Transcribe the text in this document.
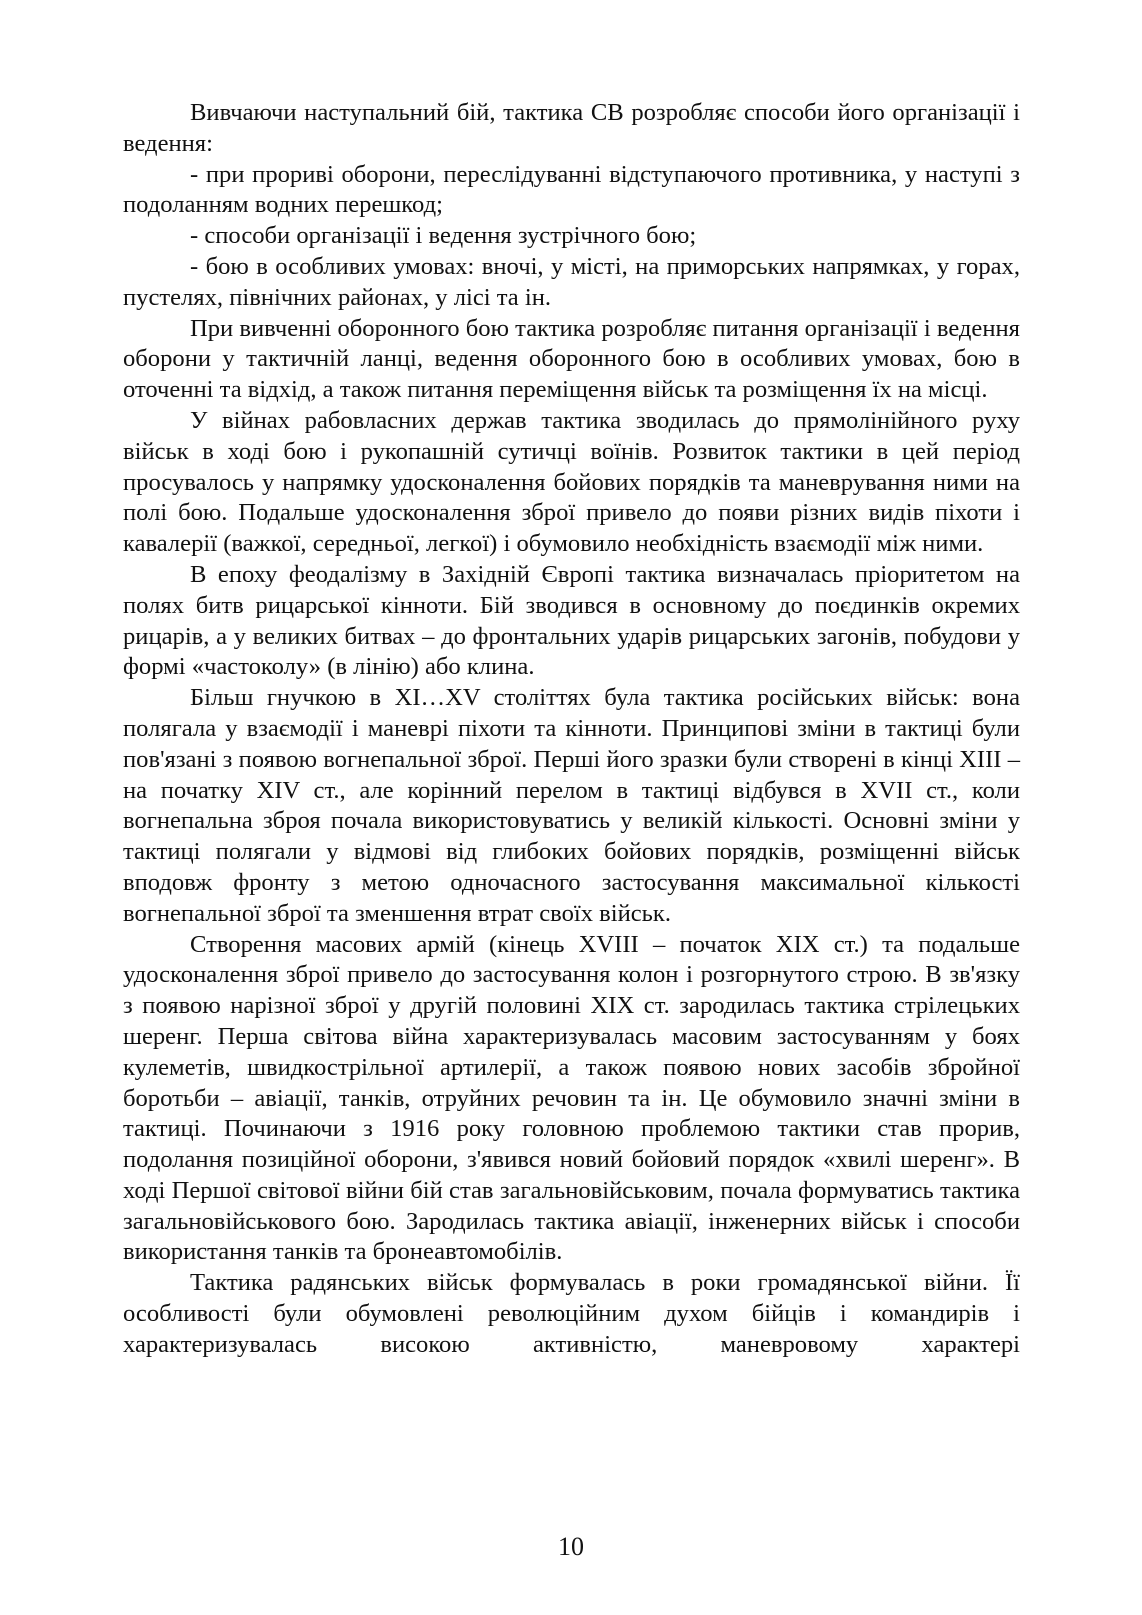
Вивчаючи наступальний бій, тактика СВ розробляє способи його організації і ведення:

- при прориві оборони, переслідуванні відступаючого противника, у наступі з подоланням водних перешкод;

- способи організації і ведення зустрічного бою;

- бою в особливих умовах: вночі, у місті, на приморських напрямках, у горах, пустелях, північних районах, у лісі та ін.

При вивченні оборонного бою тактика розробляє питання організації і ведення оборони у тактичній ланці, ведення оборонного бою в особливих умовах, бою в оточенні та відхід, а також питання переміщення військ та розміщення їх на місці.

У війнах рабовласних держав тактика зводилась до прямолінійного руху військ в ході бою і рукопашній сутичці воїнів. Розвиток тактики в цей період просувалось у напрямку удосконалення бойових порядків та маневрування ними на полі бою. Подальше удосконалення зброї привело до появи різних видів піхоти і кавалерії (важкої, середньої, легкої) і обумовило необхідність взаємодії між ними.

В епоху феодалізму в Західній Європі тактика визначалась пріоритетом на полях битв рицарської кінноти. Бій зводився в основному до поєдинків окремих рицарів, а у великих битвах – до фронтальних ударів рицарських загонів, побудови у формі «частоколу» (в лінію) або клина.

Більш гнучкою в XI…XV століттях була тактика російських військ: вона полягала у взаємодії і маневрі піхоти та кінноти. Принципові зміни в тактиці були пов'язані з появою вогнепальної зброї. Перші його зразки були створені в кінці XIII – на початку XIV ст., але корінний перелом в тактиці відбувся в XVII ст., коли вогнепальна зброя почала використовуватись у великій кількості. Основні зміни у тактиці полягали у відмові від глибоких бойових порядків, розміщенні військ вподовж фронту з метою одночасного застосування максимальної кількості вогнепальної зброї та зменшення втрат своїх військ.

Створення масових армій (кінець XVIII – початок XIX ст.) та подальше удосконалення зброї привело до застосування колон і розгорнутого строю. В зв'язку з появою нарізної зброї у другій половині XIX ст. зародилась тактика стрілецьких шеренг. Перша світова війна характеризувалась масовим застосуванням у боях кулеметів, швидкострільної артилерії, а також появою нових засобів збройної боротьби – авіації, танків, отруйних речовин та ін. Це обумовило значні зміни в тактиці. Починаючи з 1916 року головною проблемою тактики став прорив, подолання позиційної оборони, з'явився новий бойовий порядок «хвилі шеренг». В ході Першої світової війни бій став загальновійськовим, почала формуватись тактика загальновійськового бою. Зародилась тактика авіації, інженерних військ і способи використання танків та бронеавтомобілів.

Тактика радянських військ формувалась в роки громадянської війни. Її особливості були обумовлені революційним духом бійців і командирів і характеризувалась високою активністю, маневровому характері

10
